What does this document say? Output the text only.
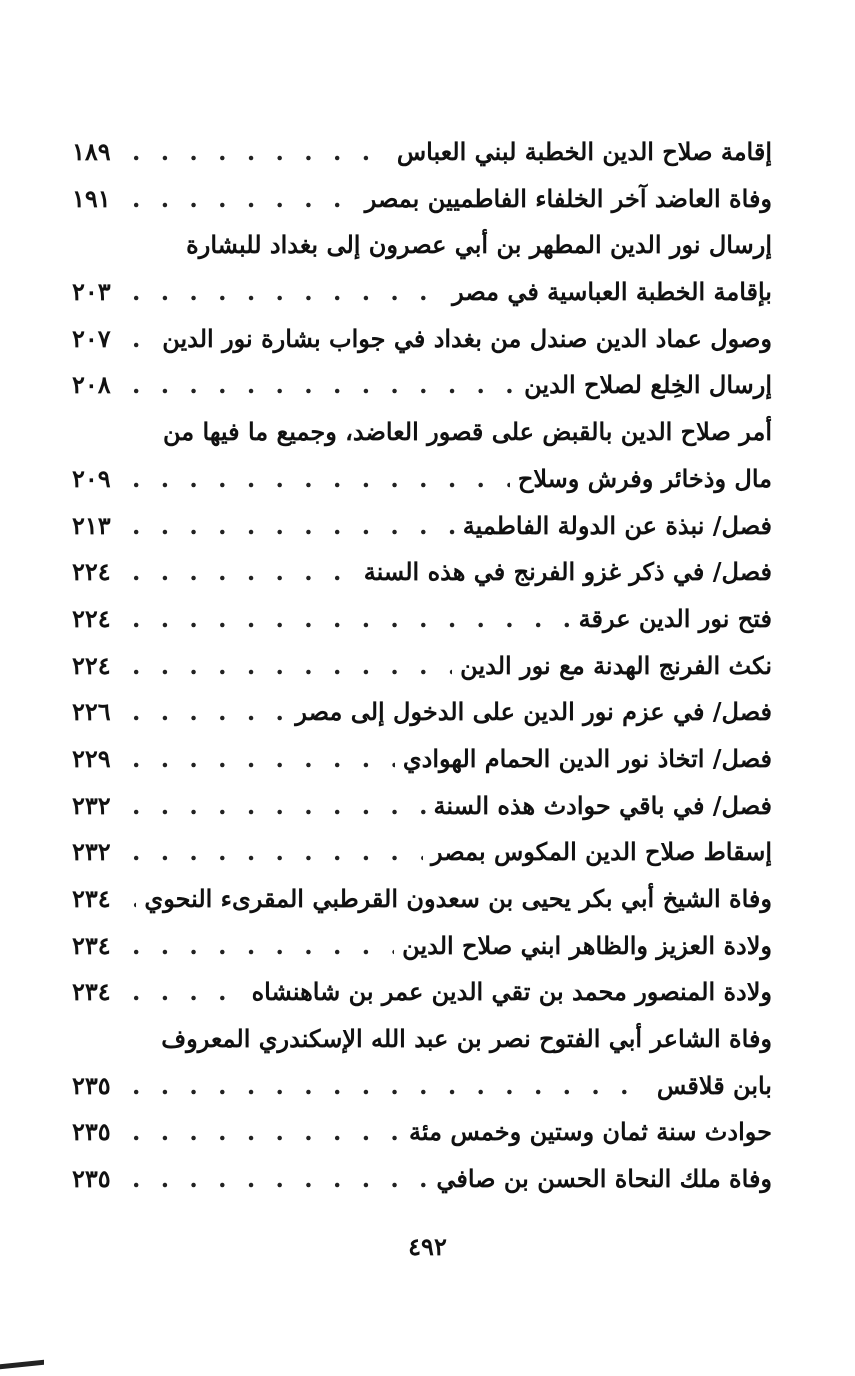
إقامة صلاح الدين الخطبة لبني العباس
. . .
١٨٩
وفاة العاضد آخر الخلفاء الفاطميين بمصر
. . .
١٩١
إرسال نور الدين المطهر بن أبي عصرون إلى بغداد للبشارة
بإقامة الخطبة العباسية في مصر
. . .
٢٠٣
وصول عماد الدين صندل من بغداد في جواب بشارة نور الدين
. . .
٢٠٧
إرسال الخِلع لصلاح الدين
. . .
٢٠٨
أمر صلاح الدين بالقبض على قصور العاضد، وجميع ما فيها من
مال وذخائر وفرش وسلاح
. . .
٢٠٩
فصل/ نبذة عن الدولة الفاطمية
. . .
٢١٣
فصل/ في ذكر غزو الفرنج في هذه السنة
. . .
٢٢٤
فتح نور الدين عرقة
. . .
٢٢٤
نكث الفرنج الهدنة مع نور الدين
. . .
٢٢٤
فصل/ في عزم نور الدين على الدخول إلى مصر
. . .
٢٢٦
فصل/ اتخاذ نور الدين الحمام الهوادي
. . .
٢٢٩
فصل/ في باقي حوادث هذه السنة
. . .
٢٣٢
إسقاط صلاح الدين المكوس بمصر
. . .
٢٣٢
وفاة الشيخ أبي بكر يحيى بن سعدون القرطبي المقرىء النحوي
. . .
٢٣٤
ولادة العزيز والظاهر ابني صلاح الدين
. . .
٢٣٤
ولادة المنصور محمد بن تقي الدين عمر بن شاهنشاه
. . .
٢٣٤
وفاة الشاعر أبي الفتوح نصر بن عبد الله الإسكندري المعروف
بابن قلاقس
. . .
٢٣٥
حوادث سنة ثمان وستين وخمس مئة
. . .
٢٣٥
وفاة ملك النحاة الحسن بن صافي
. . .
٢٣٥
٤٩٢
